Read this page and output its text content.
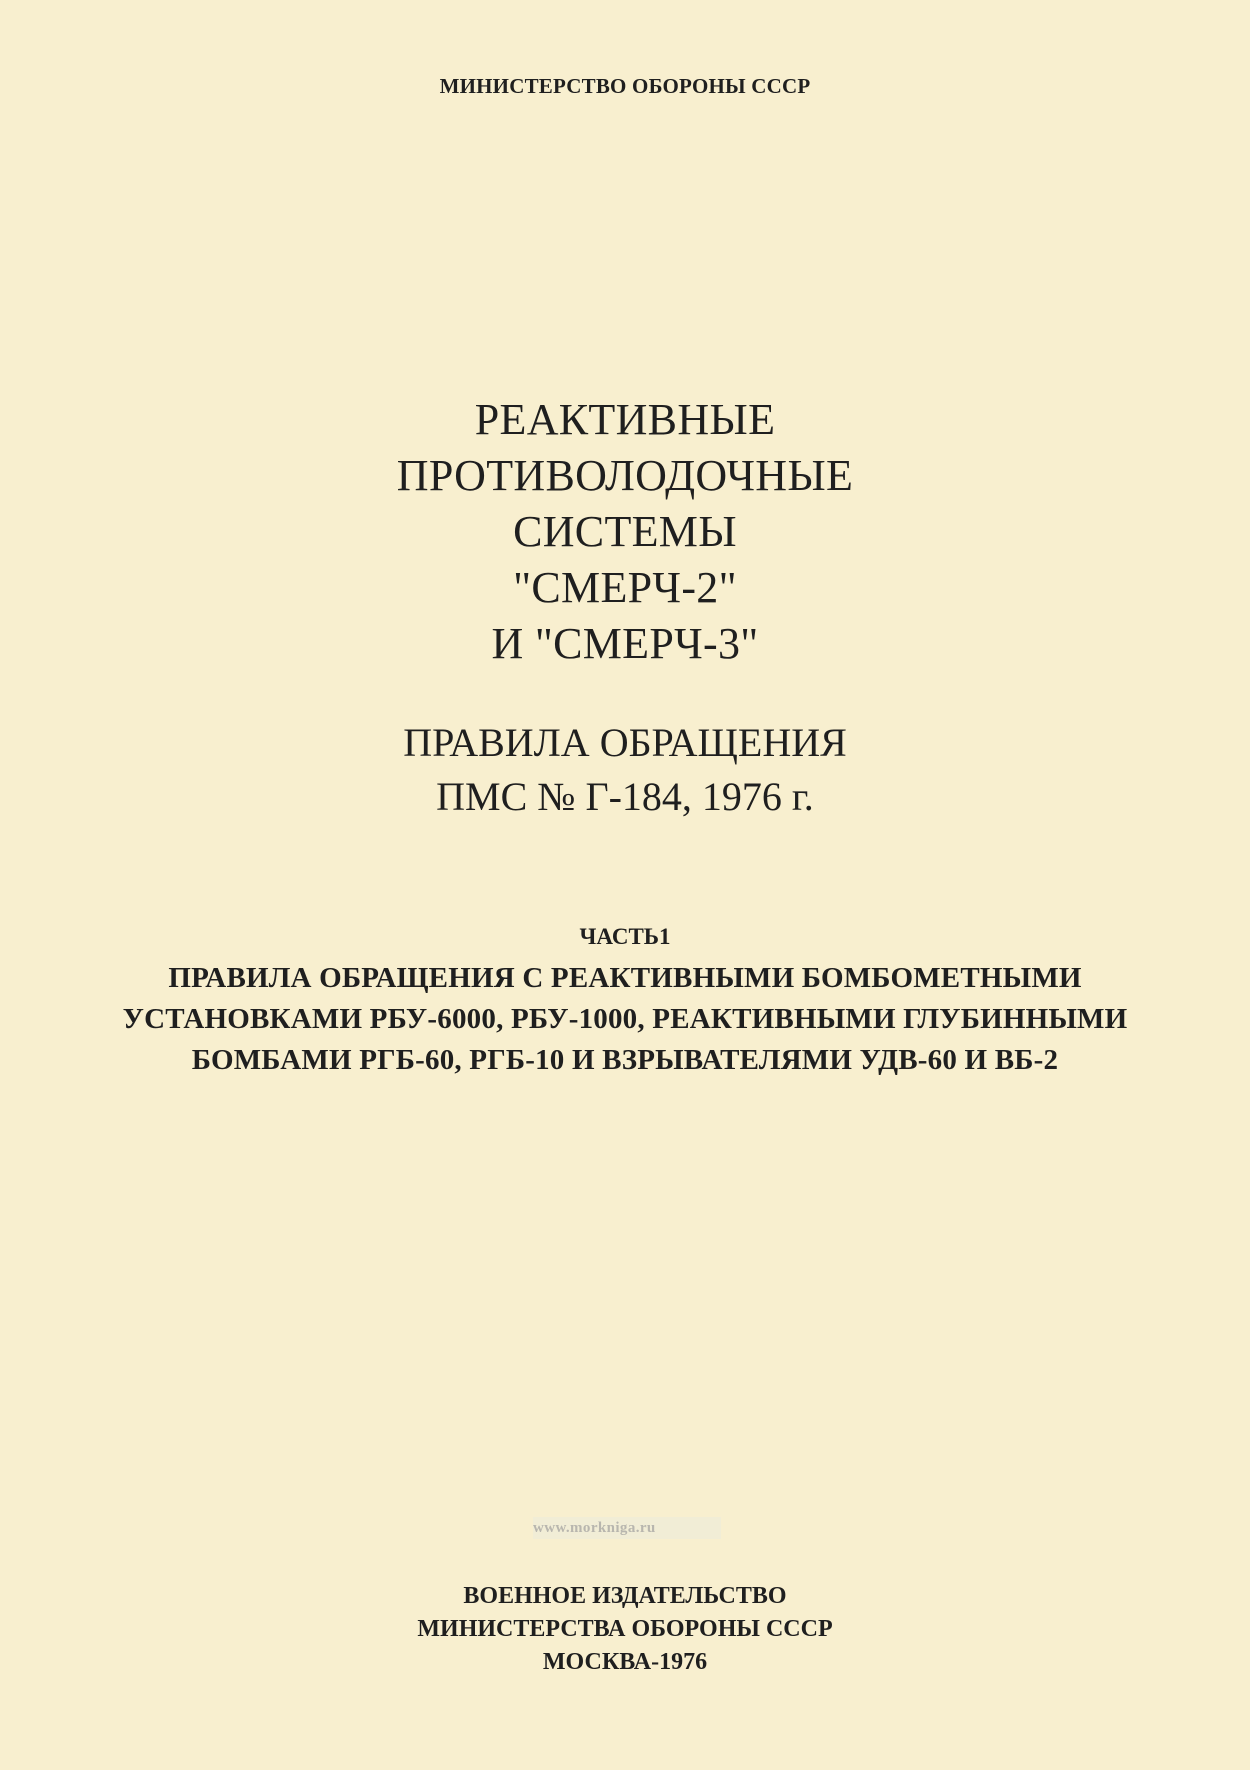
МИНИСТЕРСТВО ОБОРОНЫ СССР
РЕАКТИВНЫЕ
ПРОТИВОЛОДОЧНЫЕ
СИСТЕМЫ
"СМЕРЧ-2"
И "СМЕРЧ-3"
ПРАВИЛА ОБРАЩЕНИЯ
ПМС № Г-184, 1976 г.
ЧАСТЬ1
ПРАВИЛА ОБРАЩЕНИЯ С РЕАКТИВНЫМИ БОМБОМЕТНЫМИ
УСТАНОВКАМИ РБУ-6000, РБУ-1000, РЕАКТИВНЫМИ ГЛУБИННЫМИ
БОМБАМИ РГБ-60, РГБ-10 И ВЗРЫВАТЕЛЯМИ УДВ-60 И ВБ-2
www.morkniga.ru
ВОЕННОЕ ИЗДАТЕЛЬСТВО
МИНИСТЕРСТВА ОБОРОНЫ СССР
МОСКВА-1976
